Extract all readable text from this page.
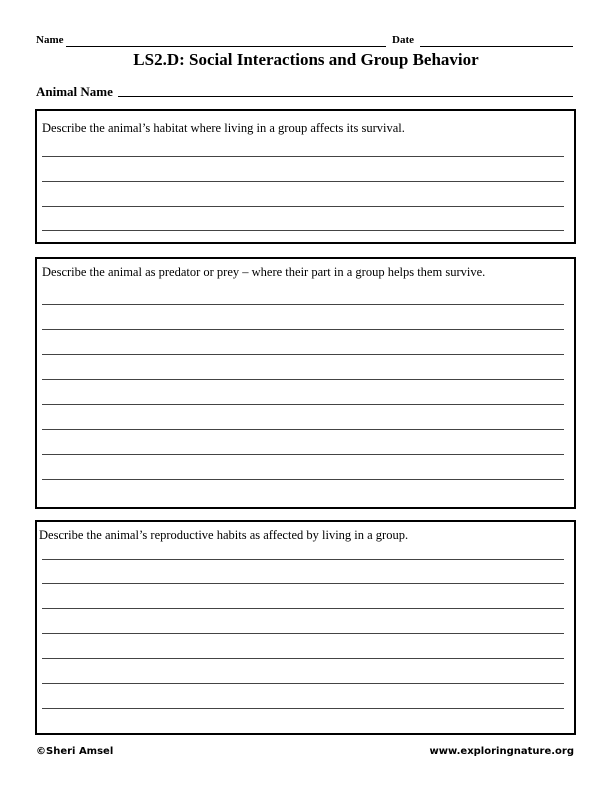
Name	Date
LS2.D: Social Interactions and Group Behavior
Animal Name
Describe the animal’s habitat where living in a group affects its survival.
Describe the animal as predator or prey – where their part in a group helps them survive.
Describe the animal’s reproductive habits as affected by living in a group.
©Sheri Amsel	www.exploringnature.org
